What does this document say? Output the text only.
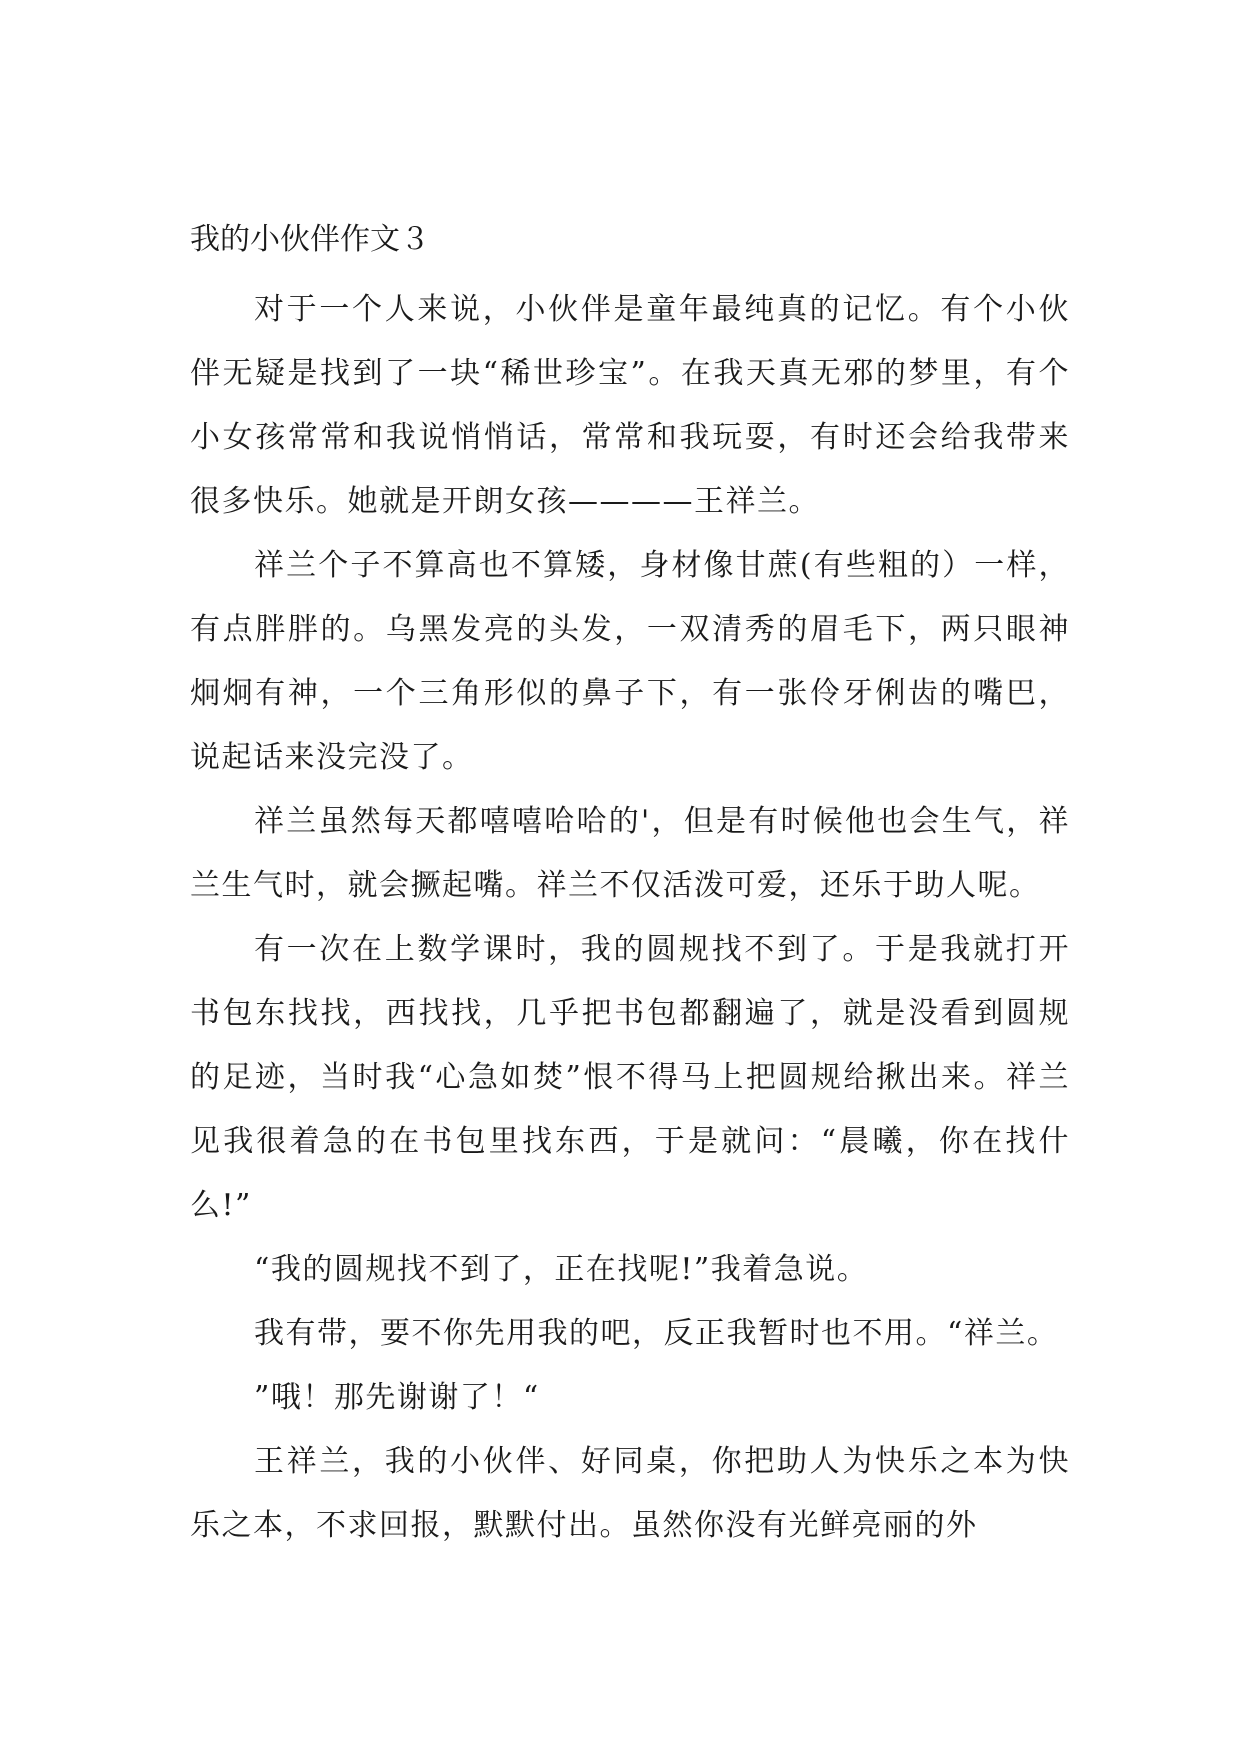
我的小伙伴作文３

对于一个人来说，小伙伴是童年最纯真的记忆。有个小伙伴无疑是找到了一块“稀世珍宝”。在我天真无邪的梦里，有个小女孩常常和我说悄悄话，常常和我玩耍，有时还会给我带来很多快乐。她就是开朗女孩————王祥兰。

祥兰个子不算高也不算矮，身材像甘蔗(有些粗的）一样，有点胖胖的。乌黑发亮的头发，一双清秀的眉毛下，两只眼神炯炯有神，一个三角形似的鼻子下，有一张伶牙俐齿的嘴巴，说起话来没完没了。

祥兰虽然每天都嘻嘻哈哈的'，但是有时候他也会生气，祥兰生气时，就会撅起嘴。祥兰不仅活泼可爱，还乐于助人呢。

有一次在上数学课时，我的圆规找不到了。于是我就打开书包东找找，西找找，几乎把书包都翻遍了，就是没看到圆规的足迹，当时我“心急如焚”恨不得马上把圆规给揪出来。祥兰见我很着急的在书包里找东西，于是就问：“晨曦，你在找什么!”

“我的圆规找不到了，正在找呢!”我着急说。

我有带，要不你先用我的吧，反正我暂时也不用。“祥兰。

”哦！那先谢谢了！“

王祥兰，我的小伙伴、好同桌，你把助人为快乐之本为快乐之本，不求回报，默默付出。虽然你没有光鲜亮丽的外
